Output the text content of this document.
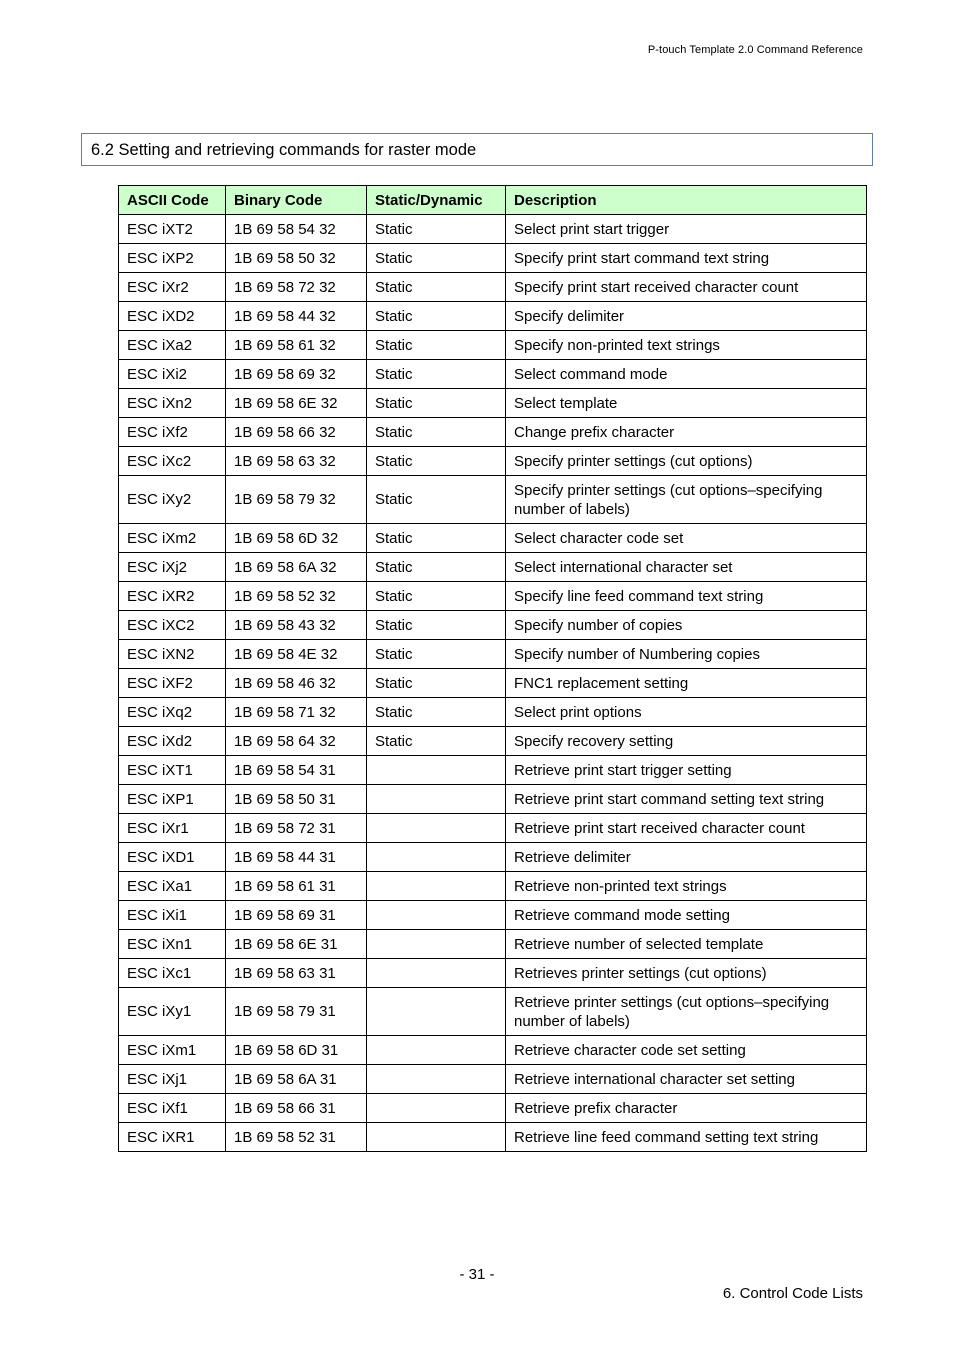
P-touch Template 2.0 Command Reference
6.2 Setting and retrieving commands for raster mode
ASCII Code	Binary Code	Static/Dynamic	Description
ESC iXT2	1B 69 58 54 32	Static	Select print start trigger
ESC iXP2	1B 69 58 50 32	Static	Specify print start command text string
ESC iXr2	1B 69 58 72 32	Static	Specify print start received character count
ESC iXD2	1B 69 58 44 32	Static	Specify delimiter
ESC iXa2	1B 69 58 61 32	Static	Specify non-printed text strings
ESC iXi2	1B 69 58 69 32	Static	Select command mode
ESC iXn2	1B 69 58 6E 32	Static	Select template
ESC iXf2	1B 69 58 66 32	Static	Change prefix character
ESC iXc2	1B 69 58 63 32	Static	Specify printer settings (cut options)
ESC iXy2	1B 69 58 79 32	Static	Specify printer settings (cut options–specifying number of labels)
ESC iXm2	1B 69 58 6D 32	Static	Select character code set
ESC iXj2	1B 69 58 6A 32	Static	Select international character set
ESC iXR2	1B 69 58 52 32	Static	Specify line feed command text string
ESC iXC2	1B 69 58 43 32	Static	Specify number of copies
ESC iXN2	1B 69 58 4E 32	Static	Specify number of Numbering copies
ESC iXF2	1B 69 58 46 32	Static	FNC1 replacement setting
ESC iXq2	1B 69 58 71 32	Static	Select print options
ESC iXd2	1B 69 58 64 32	Static	Specify recovery setting
ESC iXT1	1B 69 58 54 31		Retrieve print start trigger setting
ESC iXP1	1B 69 58 50 31		Retrieve print start command setting text string
ESC iXr1	1B 69 58 72 31		Retrieve print start received character count
ESC iXD1	1B 69 58 44 31		Retrieve delimiter
ESC iXa1	1B 69 58 61 31		Retrieve non-printed text strings
ESC iXi1	1B 69 58 69 31		Retrieve command mode setting
ESC iXn1	1B 69 58 6E 31		Retrieve number of selected template
ESC iXc1	1B 69 58 63 31		Retrieves printer settings (cut options)
ESC iXy1	1B 69 58 79 31		Retrieve printer settings (cut options–specifying number of labels)
ESC iXm1	1B 69 58 6D 31		Retrieve character code set setting
ESC iXj1	1B 69 58 6A 31		Retrieve international character set setting
ESC iXf1	1B 69 58 66 31		Retrieve prefix character
ESC iXR1	1B 69 58 52 31		Retrieve line feed command setting text string
- 31 -
6. Control Code Lists
